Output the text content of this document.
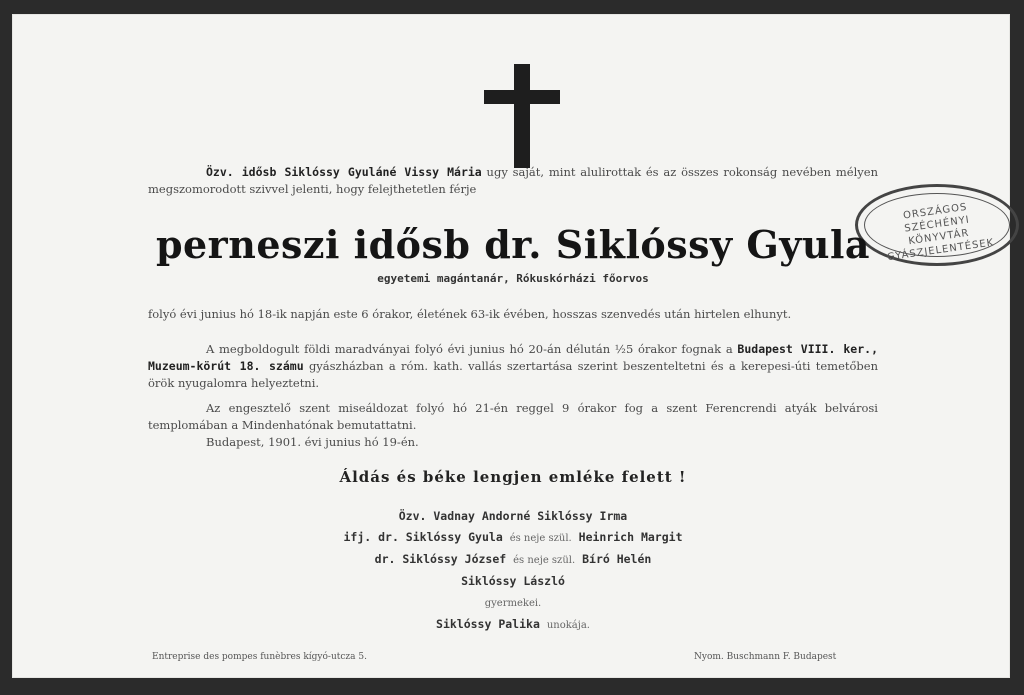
ORSZÁGOS SZÉCHÉNYI KÖNYVTÁR GYÁSZJELENTÉSEK
Özv. idősb Siklóssy Gyuláné Vissy Mária ugy saját, mint alulirottak és az összes rokonság nevében mélyen megszomorodott szivvel jelenti, hogy felejthetetlen férje
perneszi idősb dr. Siklóssy Gyula
egyetemi magántanár, Rókuskórházi főorvos
folyó évi junius hó 18-ik napján este 6 órakor, életének 63-ik évében, hosszas szenvedés után hirtelen elhunyt.
A megboldogult földi maradványai folyó évi junius hó 20-án délután ½5 órakor fognak a Budapest VIII. ker., Muzeum-körút 18. számu gyászházban a róm. kath. vallás szertartása szerint beszenteltetni és a kerepesi-úti temetőben örök nyugalomra helyeztetni.
Az engesztelő szent miseáldozat folyó hó 21-én reggel 9 órakor fog a szent Ferencrendi atyák belvárosi templomában a Mindenhatónak bemutattatni.
Budapest, 1901. évi junius hó 19-én.
Áldás és béke lengjen emléke felett !
Özv. Vadnay Andorné Siklóssy Irma
ifj. dr. Siklóssy Gyula és neje szül. Heinrich Margit
dr. Siklóssy József és neje szül. Bíró Helén
Siklóssy László
gyermekei.
Siklóssy Palika unokája.
Entreprise des pompes funèbres kígyó-utcza 5.	Nyom. Buschmann F. Budapest
